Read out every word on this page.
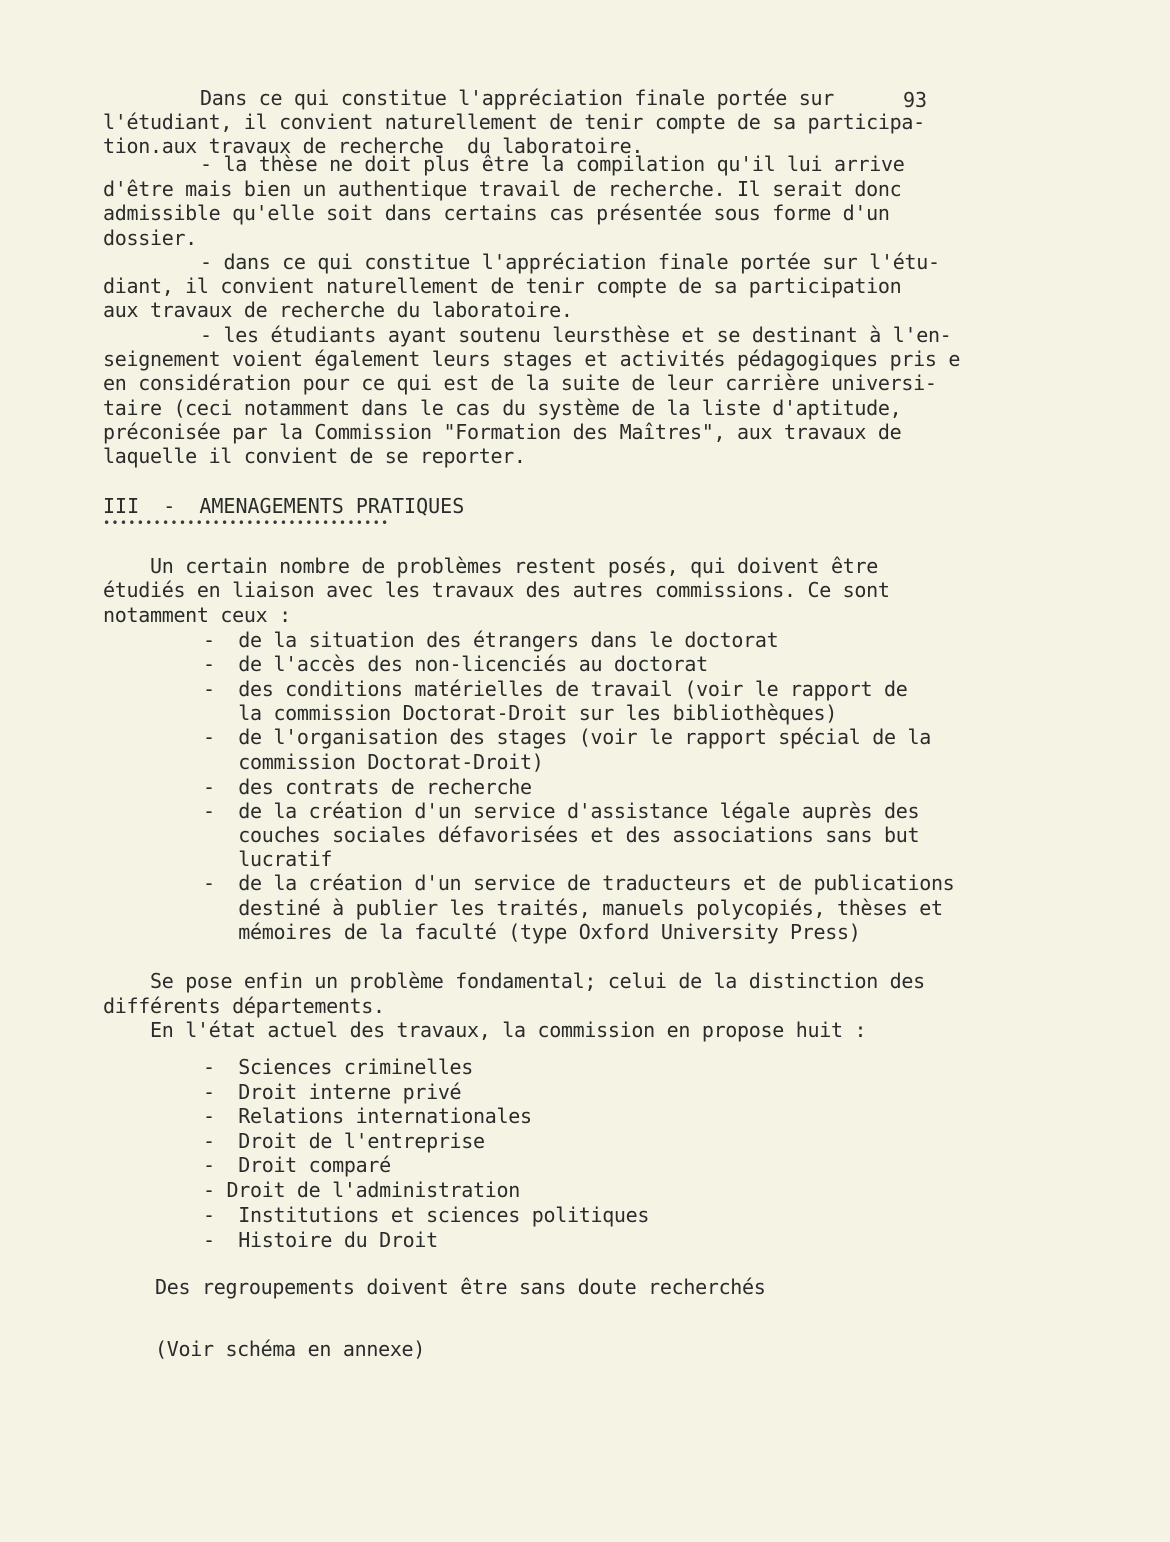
93
Dans ce qui constitue l'appréciation finale portée sur
l'étudiant, il convient naturellement de tenir compte de sa participa-
tion.aux travaux de recherche  du laboratoire.
- la thèse ne doit plus être la compilation qu'il lui arrive
d'être mais bien un authentique travail de recherche. Il serait donc
admissible qu'elle soit dans certains cas présentée sous forme d'un
dossier.
- dans ce qui constitue l'appréciation finale portée sur l'étu-
diant, il convient naturellement de tenir compte de sa participation
aux travaux de recherche du laboratoire.
- les étudiants ayant soutenu leursthèse et se destinant à l'en-
seignement voient également leurs stages et activités pédagogiques pris e
en considération pour ce qui est de la suite de leur carrière universi-
taire (ceci notamment dans le cas du système de la liste d'aptitude,
préconisée par la Commission "Formation des Maîtres", aux travaux de
laquelle il convient de se reporter.
III  -  AMENAGEMENTS PRATIQUES
••••••••••••••••••••••••••••••••••
Un certain nombre de problèmes restent posés, qui doivent être
étudiés en liaison avec les travaux des autres commissions. Ce sont
notamment ceux :
-  de la situation des étrangers dans le doctorat
-  de l'accès des non-licenciés au doctorat
-  des conditions matérielles de travail (voir le rapport de
la commission Doctorat-Droit sur les bibliothèques)
-  de l'organisation des stages (voir le rapport spécial de la
commission Doctorat-Droit)
-  des contrats de recherche
-  de la création d'un service d'assistance légale auprès des
couches sociales défavorisées et des associations sans but
lucratif
-  de la création d'un service de traducteurs et de publications
destiné à publier les traités, manuels polycopiés, thèses et
mémoires de la faculté (type Oxford University Press)
Se pose enfin un problème fondamental; celui de la distinction des
différents départements.
En l'état actuel des travaux, la commission en propose huit :
-  Sciences criminelles
-  Droit interne privé
-  Relations internationales
-  Droit de l'entreprise
-  Droit comparé
- Droit de l'administration
-  Institutions et sciences politiques
-  Histoire du Droit
Des regroupements doivent être sans doute recherchés
(Voir schéma en annexe)
